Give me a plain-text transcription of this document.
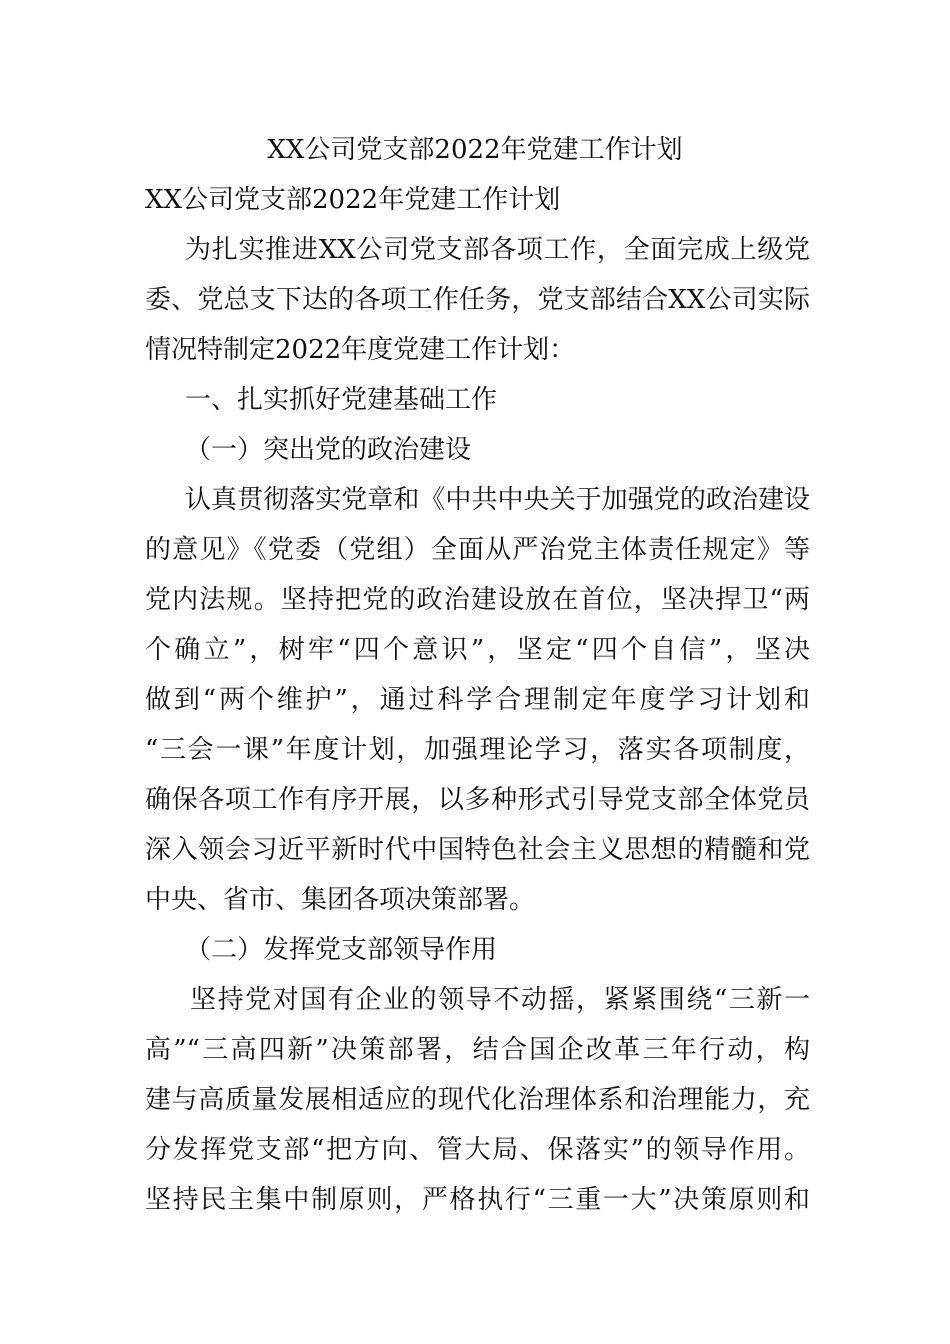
XX公司党支部2022年党建工作计划

XX公司党支部2022年党建工作计划

为扎实推进XX公司党支部各项工作，全面完成上级党

委、党总支下达的各项工作任务，党支部结合XX公司实际

情况特制定2022年度党建工作计划：

一、扎实抓好党建基础工作

（一）突出党的政治建设

认真贯彻落实党章和《中共中央关于加强党的政治建设

的意见》《党委（党组）全面从严治党主体责任规定》等

党内法规。坚持把党的政治建设放在首位，坚决捍卫“两

个确立”，树牢“四个意识”，坚定“四个自信”，坚决

做到“两个维护”，通过科学合理制定年度学习计划和

“三会一课”年度计划，加强理论学习，落实各项制度，

确保各项工作有序开展，以多种形式引导党支部全体党员

深入领会习近平新时代中国特色社会主义思想的精髓和党

中央、省市、集团各项决策部署。

（二）发挥党支部领导作用

坚持党对国有企业的领导不动摇，紧紧围绕“三新一

高”“三高四新”决策部署，结合国企改革三年行动，构

建与高质量发展相适应的现代化治理体系和治理能力，充

分发挥党支部“把方向、管大局、保落实”的领导作用。

坚持民主集中制原则，严格执行“三重一大”决策原则和
